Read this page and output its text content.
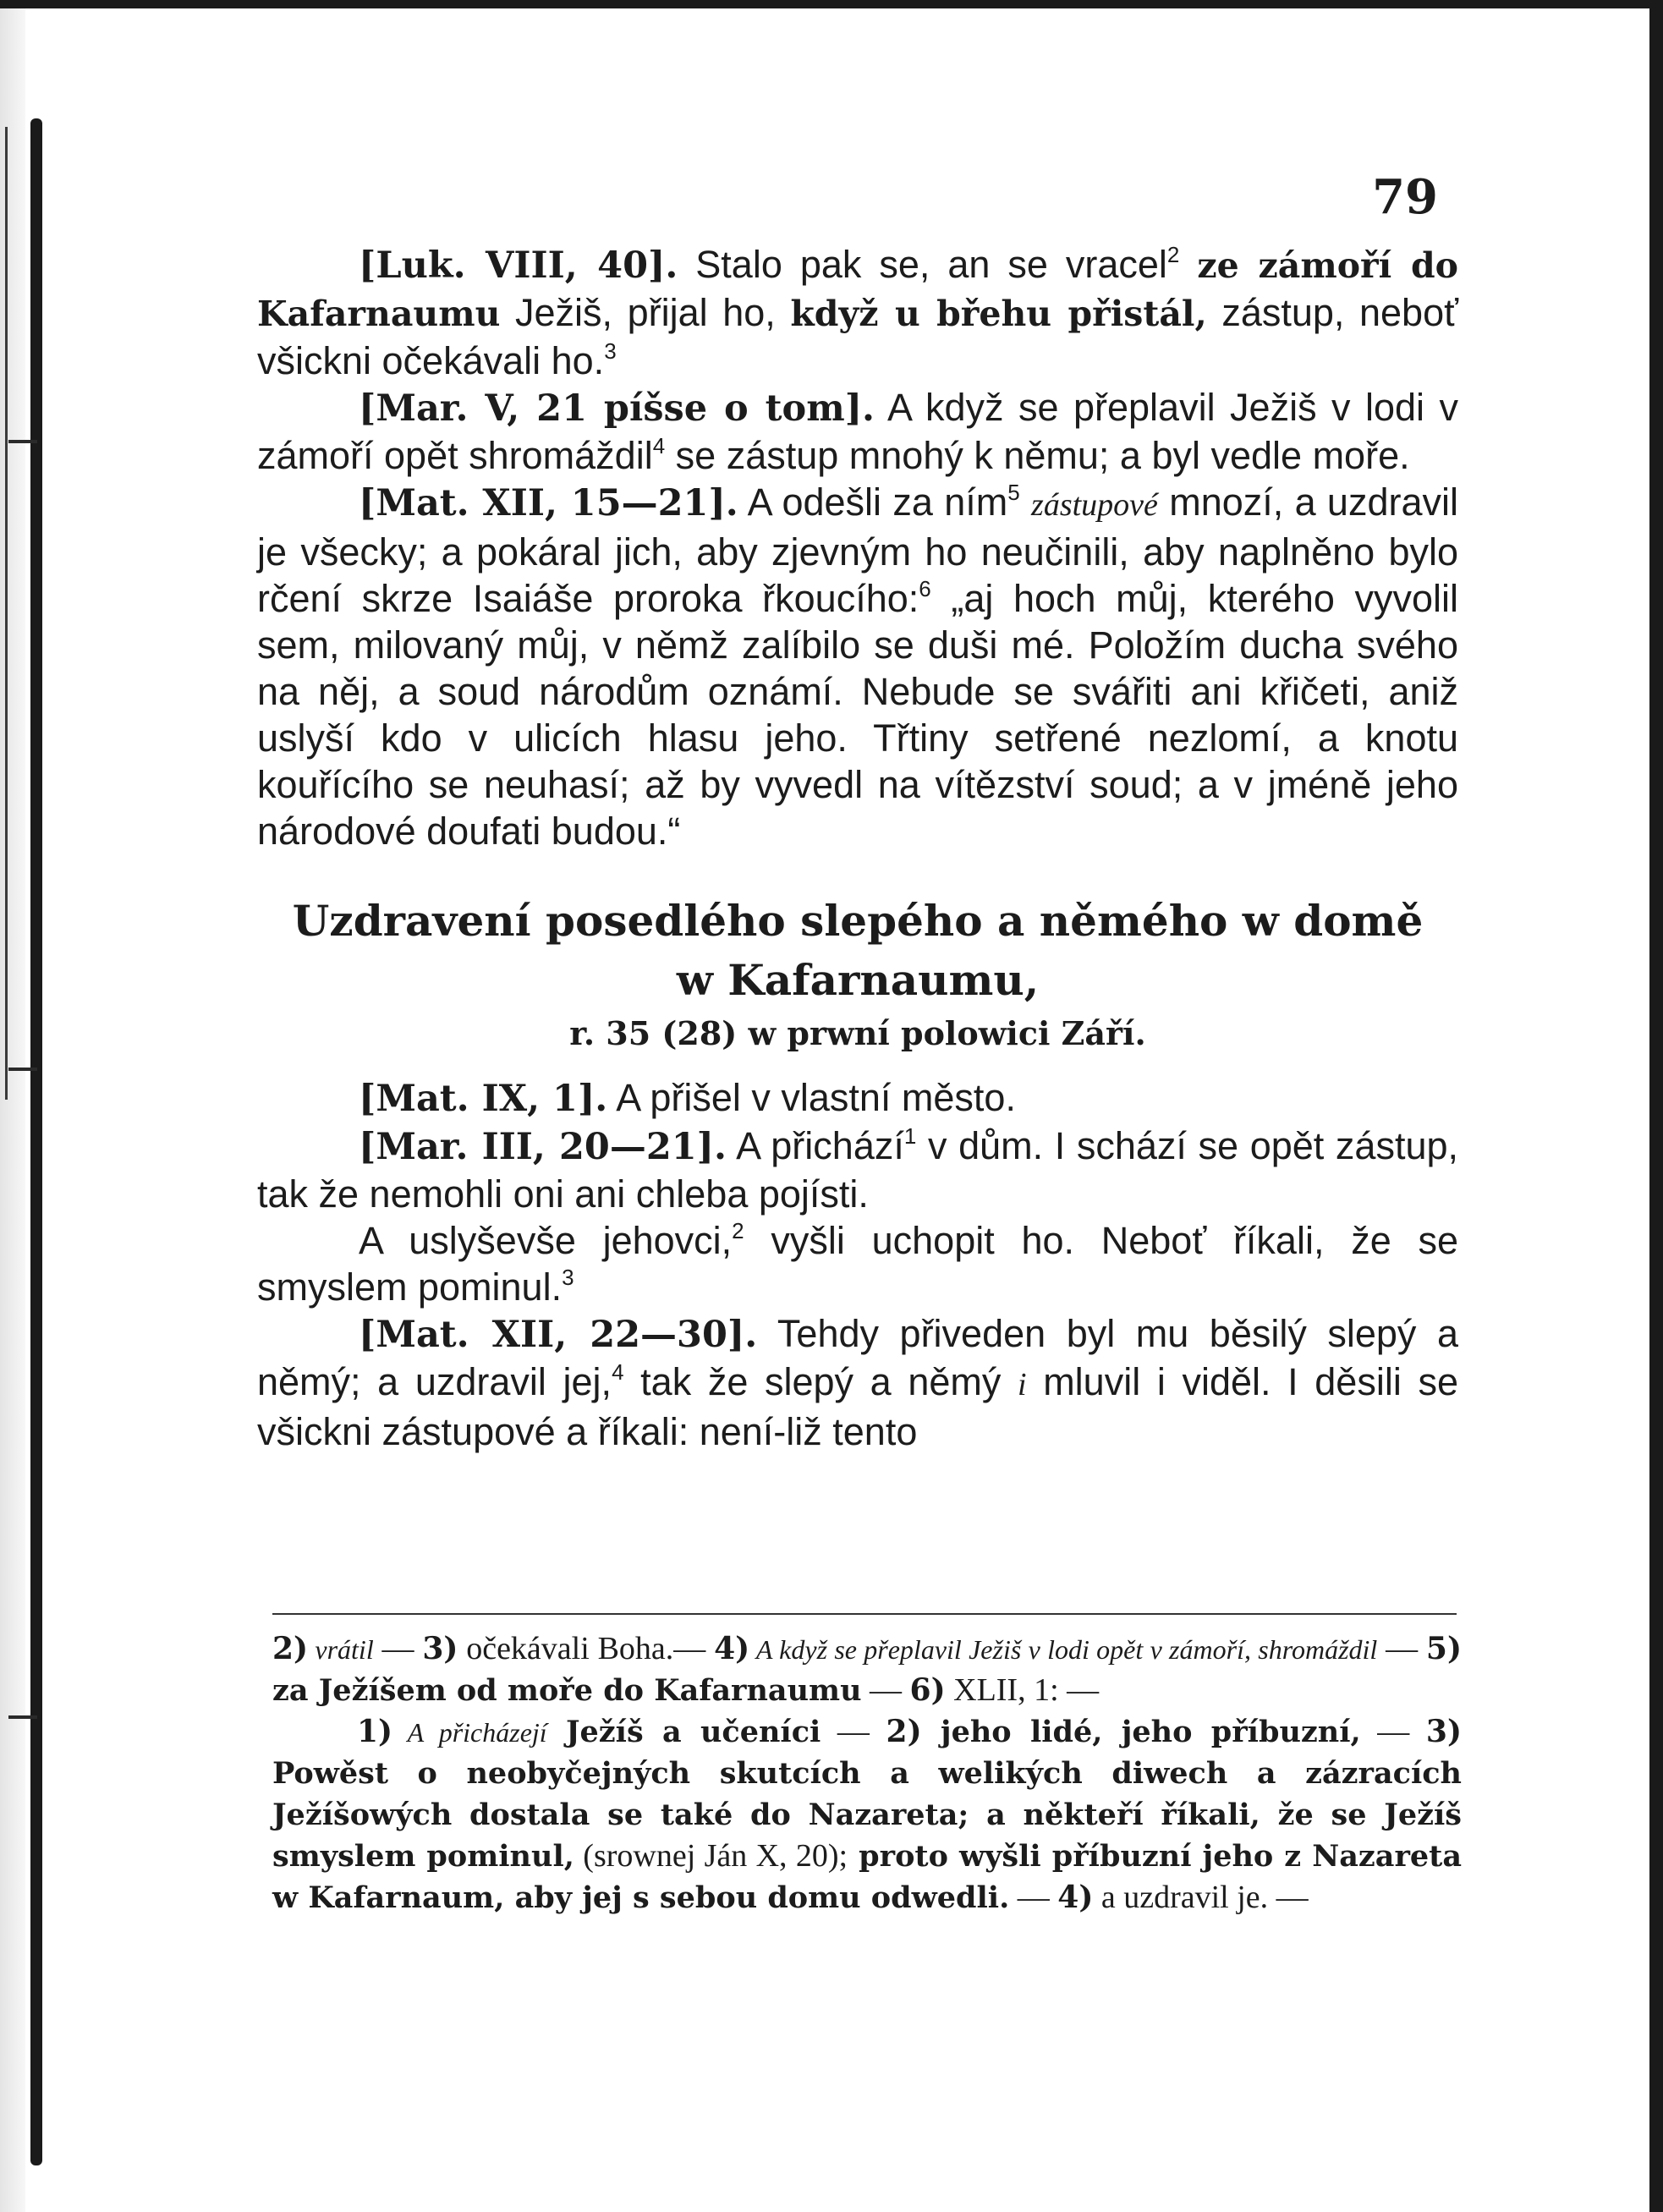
79

[Luk. VIII, 40]. Stalo pak se, an se vracel$^2$ ze zámoří do Kafarnaumu Ježiš, přijal ho, když u břehu přistál, zástup, neboť všickni očekávali ho.$^3$

[Mar. V, 21 píšse o tom]. A když se přeplavil Ježiš v lodi v zámoří opět shromáždil$^4$ se zástup mnohý k němu; a byl vedle moře.

[Mat. XII, 15—21]. A odešli za ním$^5$ zástupové mnozí, a uzdravil je všecky; a pokáral jich, aby zjevným ho neučinili, aby naplněno bylo rčení skrze Isaiáše proroka řkoucího:$^6$ „aj hoch můj, kterého vyvolil sem, milovaný můj, v němž zalíbilo se duši mé. Položím ducha svého na něj, a soud národům oznámí. Nebude se svářiti ani křičeti, aniž uslyší kdo v ulicích hlasu jeho. Třtiny setřené nezlomí, a knotu kouřícího se neuhasí; až by vyvedl na vítězství soud; a v jméně jeho národové doufati budou.“

Uzdravení posedlého slepého a němého w domě
w Kafarnaumu,
r. 35 (28) w prwní polowici Září.

[Mat. IX, 1]. A přišel v vlastní město.

[Mar. III, 20—21]. A přichází$^1$ v dům. I schází se opět zástup, tak že nemohli oni ani chleba pojísti.

A uslyševše jehovci,$^2$ vyšli uchopit ho. Neboť říkali, že se smyslem pominul.$^3$

[Mat. XII, 22—30]. Tehdy přiveden byl mu běsilý slepý a němý; a uzdravil jej,$^4$ tak že slepý a němý i mluvil i viděl. I děsili se všickni zástupové a říkali: není-liž tento

2) vrátil — 3) očekávali Boha.— 4) A když se přeplavil Ježiš v lodi opět v zámoří, shromáždil — 5) za Ježíšem od moře do Kafarnaumu — 6) XLII, 1: —

1) A přicházejí Ježíš a učeníci — 2) jeho lidé, jeho příbuzní, — 3) Powěst o neobyčejných skutcích a welikých diwech a zázracích Ježíšowých dostala se také do Nazareta; a někteří říkali, že se Ježíš smyslem pominul, (srownej Ján X, 20); proto wyšli příbuzní jeho z Nazareta w Kafarnaum, aby jej s sebou domu odwedli. — 4) a uzdravil je. —
